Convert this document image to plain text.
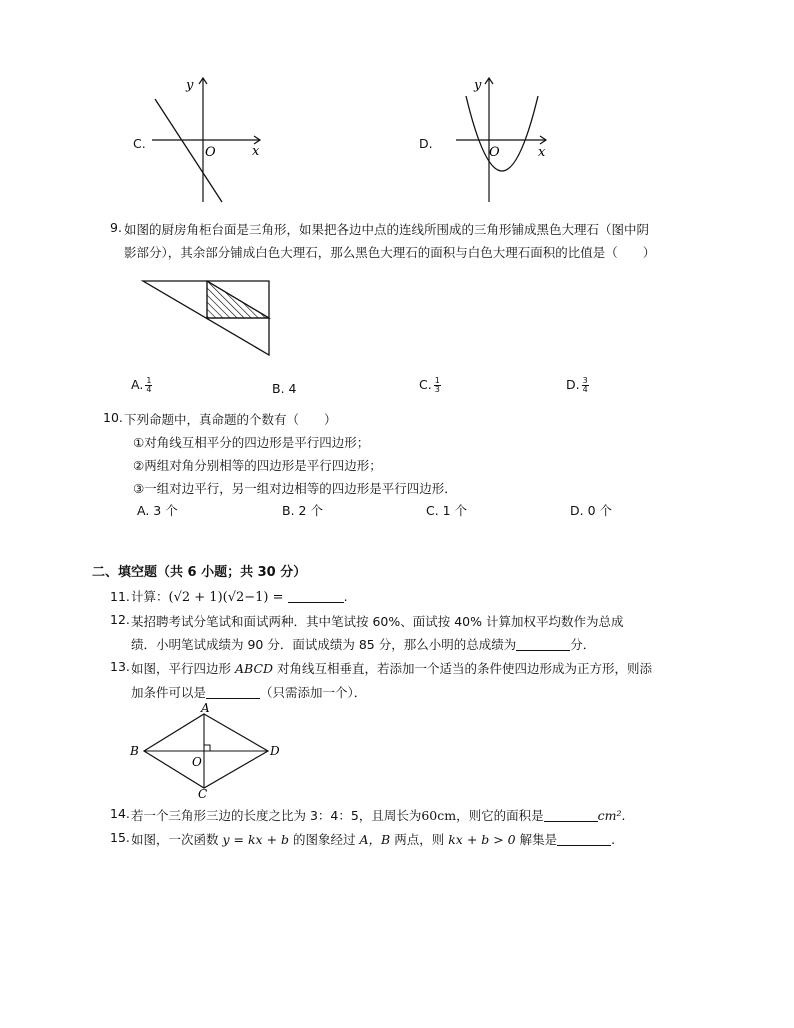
C.
y
x
O
D.
y
x
O
9. 如图的厨房角柜台面是三角形，如果把各边中点的连线所围成的三角形铺成黑色大理石（图中阴
影部分），其余部分铺成白色大理石，那么黑色大理石的面积与白色大理石面积的比值是（　　）
A. $\frac{1}{4}$	B. 4	C. $\frac{1}{3}$	D. $\frac{3}{4}$
10. 下列命题中，真命题的个数有（　　）
①对角线互相平分的四边形是平行四边形；
②两组对角分别相等的四边形是平行四边形；
③一组对边平行，另一组对边相等的四边形是平行四边形．
A. 3 个	B. 2 个	C. 1 个	D. 0 个
二、填空题（共 6 小题；共 30 分）
11. 计算：(√2 + 1)(√2−1) =	.
12. 某招聘考试分笔试和面试两种．其中笔试按 60%、面试按 40% 计算加权平均数作为总成
绩．小明笔试成绩为 90 分．面试成绩为 85 分，那么小明的总成绩为	分．
13. 如图，平行四边形 ABCD 对角线互相垂直，若添加一个适当的条件使四边形成为正方形，则添
加条件可以是	（只需添加一个）．
A
B
C
D
O
14. 若一个三角形三边的长度之比为 3：4：5，且周长为60cm，则它的面积是	cm².
15. 如图，一次函数 y = kx + b 的图象经过 A，B 两点，则 kx + b > 0 解集是	.
